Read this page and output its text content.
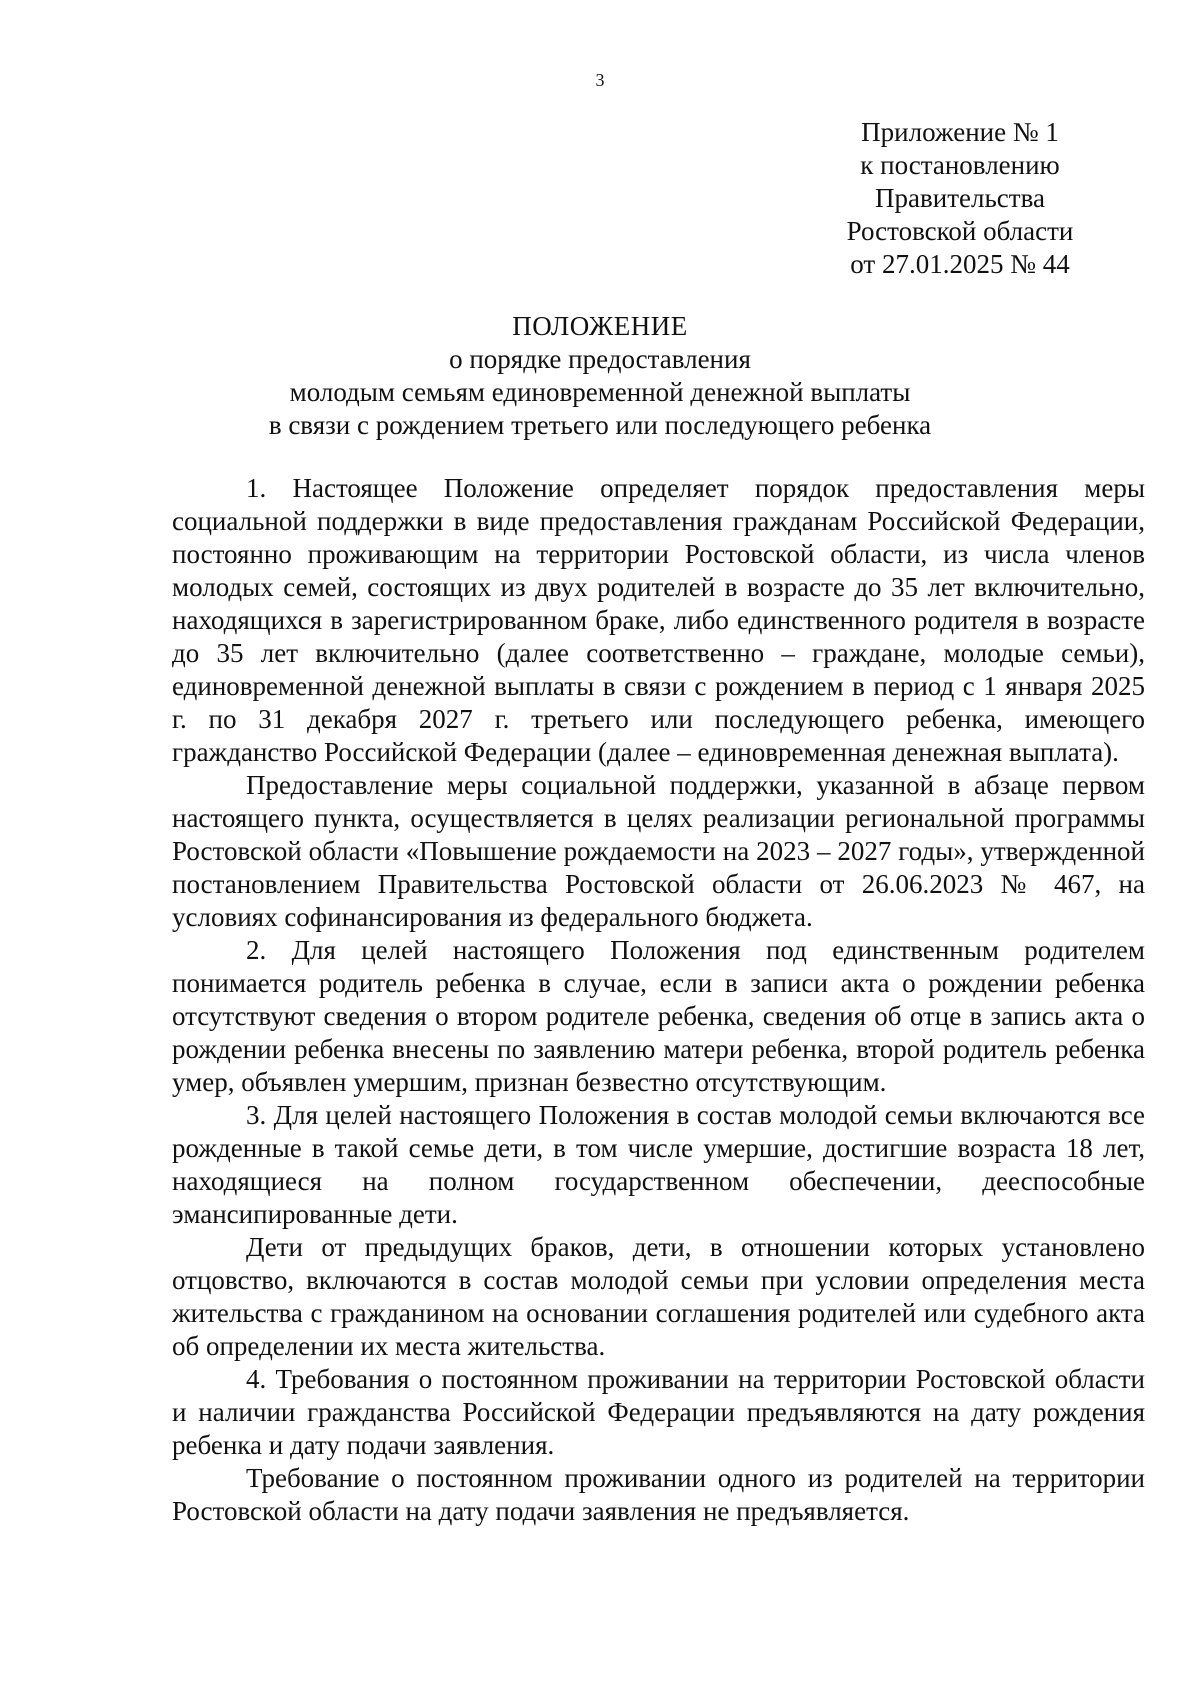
3
Приложение № 1
к постановлению
Правительства
Ростовской области
от 27.01.2025 № 44
ПОЛОЖЕНИЕ
о порядке предоставления
молодым семьям единовременной денежной выплаты
в связи с рождением третьего или последующего ребенка

1. Настоящее Положение определяет порядок предоставления меры социальной поддержки в виде предоставления гражданам Российской Федерации, постоянно проживающим на территории Ростовской области, из числа членов молодых семей, состоящих из двух родителей в возрасте до 35 лет включительно, находящихся в зарегистрированном браке, либо единственного родителя в возрасте до 35 лет включительно (далее соответственно – граждане, молодые семьи), единовременной денежной выплаты в связи с рождением в период с 1 января 2025 г. по 31 декабря 2027 г. третьего или последующего ребенка, имеющего гражданство Российской Федерации (далее – единовременная денежная выплата).

Предоставление меры социальной поддержки, указанной в абзаце первом настоящего пункта, осуществляется в целях реализации региональной программы Ростовской области «Повышение рождаемости на 2023 – 2027 годы», утвержденной постановлением Правительства Ростовской области от 26.06.2023 № 467, на условиях софинансирования из федерального бюджета.

2. Для целей настоящего Положения под единственным родителем понимается родитель ребенка в случае, если в записи акта о рождении ребенка отсутствуют сведения о втором родителе ребенка, сведения об отце в запись акта о рождении ребенка внесены по заявлению матери ребенка, второй родитель ребенка умер, объявлен умершим, признан безвестно отсутствующим.

3. Для целей настоящего Положения в состав молодой семьи включаются все рожденные в такой семье дети, в том числе умершие, достигшие возраста 18 лет, находящиеся на полном государственном обеспечении, дееспособные эмансипированные дети.

Дети от предыдущих браков, дети, в отношении которых установлено отцовство, включаются в состав молодой семьи при условии определения места жительства с гражданином на основании соглашения родителей или судебного акта об определении их места жительства.

4. Требования о постоянном проживании на территории Ростовской области и наличии гражданства Российской Федерации предъявляются на дату рождения ребенка и дату подачи заявления.

Требование о постоянном проживании одного из родителей на территории Ростовской области на дату подачи заявления не предъявляется.
